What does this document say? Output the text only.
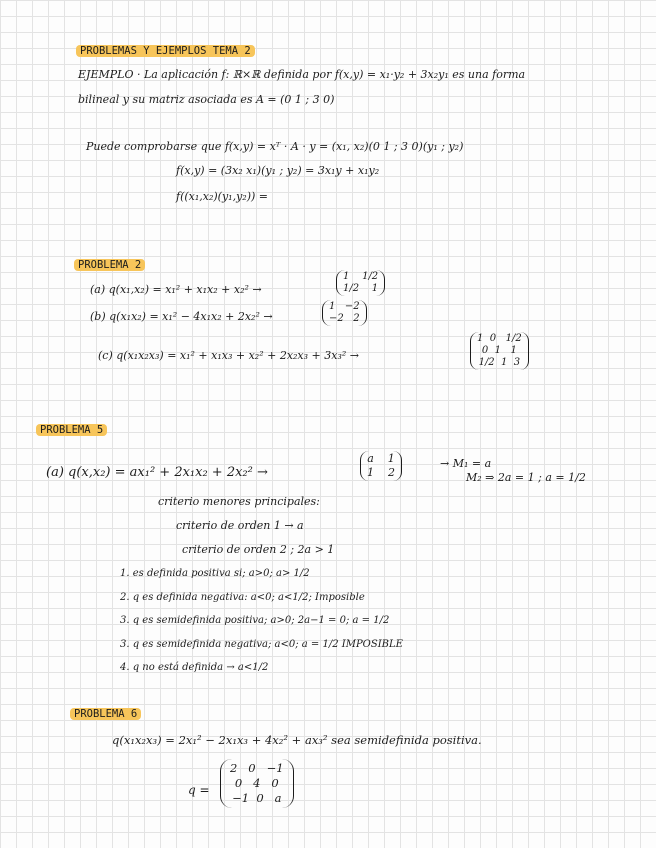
PROBLEMAS Y EJEMPLOS TEMA 2
EJEMPLO · La aplicación f: ℝ×ℝ definida por f(x,y) = x₁·y₂ + 3x₂y₁ es una forma
bilineal y su matriz asociada es A = (0 1 ; 3 0)
Puede comprobarse que f(x,y) = xᵀ · A · y = (x₁, x₂)(0 1 ; 3 0)(y₁ ; y₂)
f(x,y) = (3x₂ x₁)(y₁ ; y₂) = 3x₁y + x₁y₂
f((x₁,x₂)(y₁,y₂)) =
PROBLEMA 2
(a) q(x₁,x₂) = x₁² + x₁x₂ + x₂² →
1    1/2
1/2    1
(b) q(x₁x₂) = x₁² − 4x₁x₂ + 2x₂² →
1   −2
−2   2
(c) q(x₁x₂x₃) = x₁² + x₁x₃ + x₂² + 2x₂x₃ + 3x₃² →
1  0   1/2
0  1   1
1/2  1  3
PROBLEMA 5
(a) q(x,x₂) = ax₁² + 2x₁x₂ + 2x₂² →
a    1
1    2
→ M₁ = a
M₂ ⇒ 2a = 1 ; a = 1/2
criterio menores principales:
criterio de orden 1 → a
criterio de orden 2 ; 2a > 1
1. es definida positiva si; a>0; a> 1/2
2. q es definida negativa: a<0; a<1/2; Imposible
3. q es semidefinida positiva; a>0; 2a−1 = 0; a = 1/2
3. q es semidefinida negativa; a<0; a = 1/2 IMPOSIBLE
4. q no está definida → a<1/2
PROBLEMA 6
q(x₁x₂x₃) = 2x₁² − 2x₁x₃ + 4x₂² + ax₃² sea semidefinida positiva.
q =
2   0   −1
0   4   0
−1  0   a
